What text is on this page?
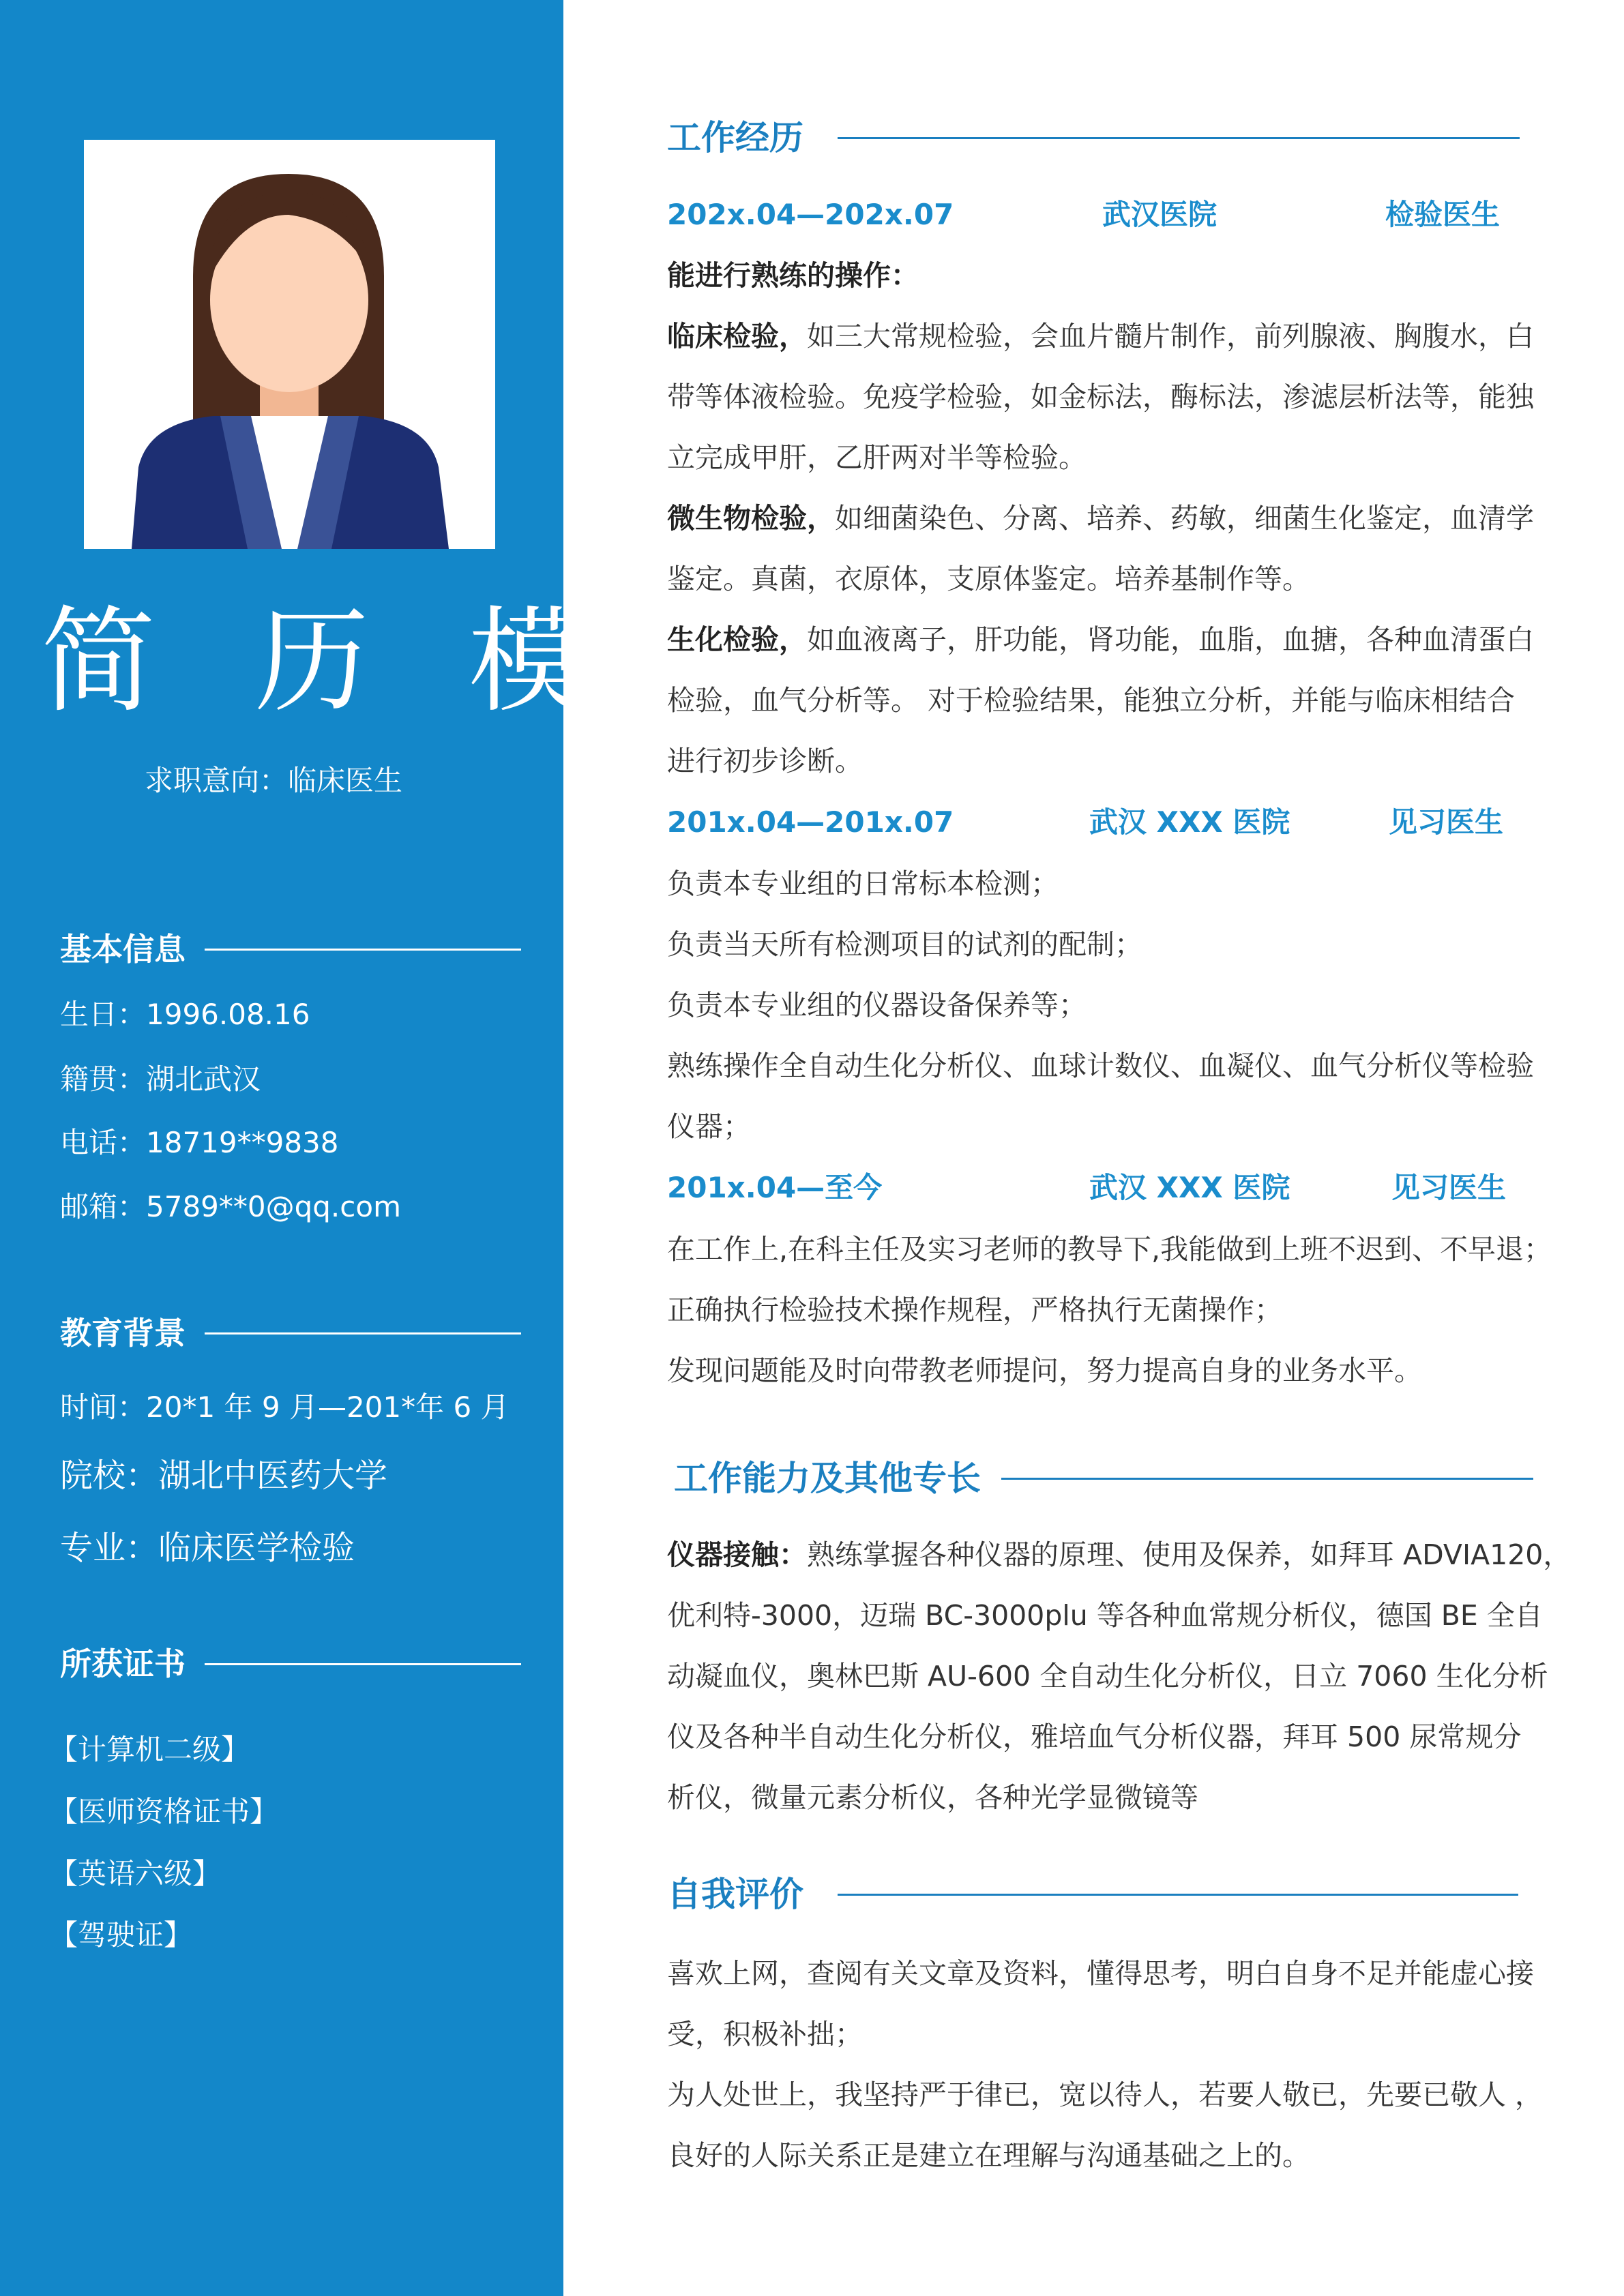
简 历 模
求职意向：临床医生
基本信息
生日：1996.08.16
籍贯：湖北武汉
电话：18719**9838
邮箱：5789**0@qq.com
教育背景
时间：20*1 年 9 月—201*年 6 月
院校：湖北中医药大学
专业：临床医学检验
所获证书
【计算机二级】
【医师资格证书】
【英语六级】
【驾驶证】
工作经历
202x.04—202x.07	武汉医院	检验医生
能进行熟练的操作：
临床检验，如三大常规检验，会血片髓片制作，前列腺液、胸腹水，白
带等体液检验。免疫学检验，如金标法，酶标法，渗滤层析法等，能独
立完成甲肝，乙肝两对半等检验。
微生物检验，如细菌染色、分离、培养、药敏，细菌生化鉴定，血清学
鉴定。真菌，衣原体，支原体鉴定。培养基制作等。
生化检验，如血液离子，肝功能，肾功能，血脂，血搪，各种血清蛋白
检验，血气分析等。 对于检验结果，能独立分析，并能与临床相结合
进行初步诊断。
201x.04—201x.07	武汉 XXX 医院	见习医生
负责本专业组的日常标本检测；
负责当天所有检测项目的试剂的配制；
负责本专业组的仪器设备保养等；
熟练操作全自动生化分析仪、血球计数仪、血凝仪、血气分析仪等检验
仪器；
201x.04—至今	武汉 XXX 医院	见习医生
在工作上,在科主任及实习老师的教导下,我能做到上班不迟到、不早退；
正确执行检验技术操作规程，严格执行无菌操作；
发现问题能及时向带教老师提问，努力提高自身的业务水平。
工作能力及其他专长
仪器接触：熟练掌握各种仪器的原理、使用及保养，如拜耳 ADVIA120，
优利特-3000，迈瑞 BC-3000plu 等各种血常规分析仪，德国 BE 全自
动凝血仪，奥林巴斯 AU-600 全自动生化分析仪，日立 7060 生化分析
仪及各种半自动生化分析仪，雅培血气分析仪器，拜耳 500 尿常规分
析仪，微量元素分析仪，各种光学显微镜等
自我评价
喜欢上网，查阅有关文章及资料，懂得思考，明白自身不足并能虚心接
受，积极补拙；
为人处世上，我坚持严于律已，宽以待人，若要人敬已，先要已敬人 ，
良好的人际关系正是建立在理解与沟通基础之上的。
